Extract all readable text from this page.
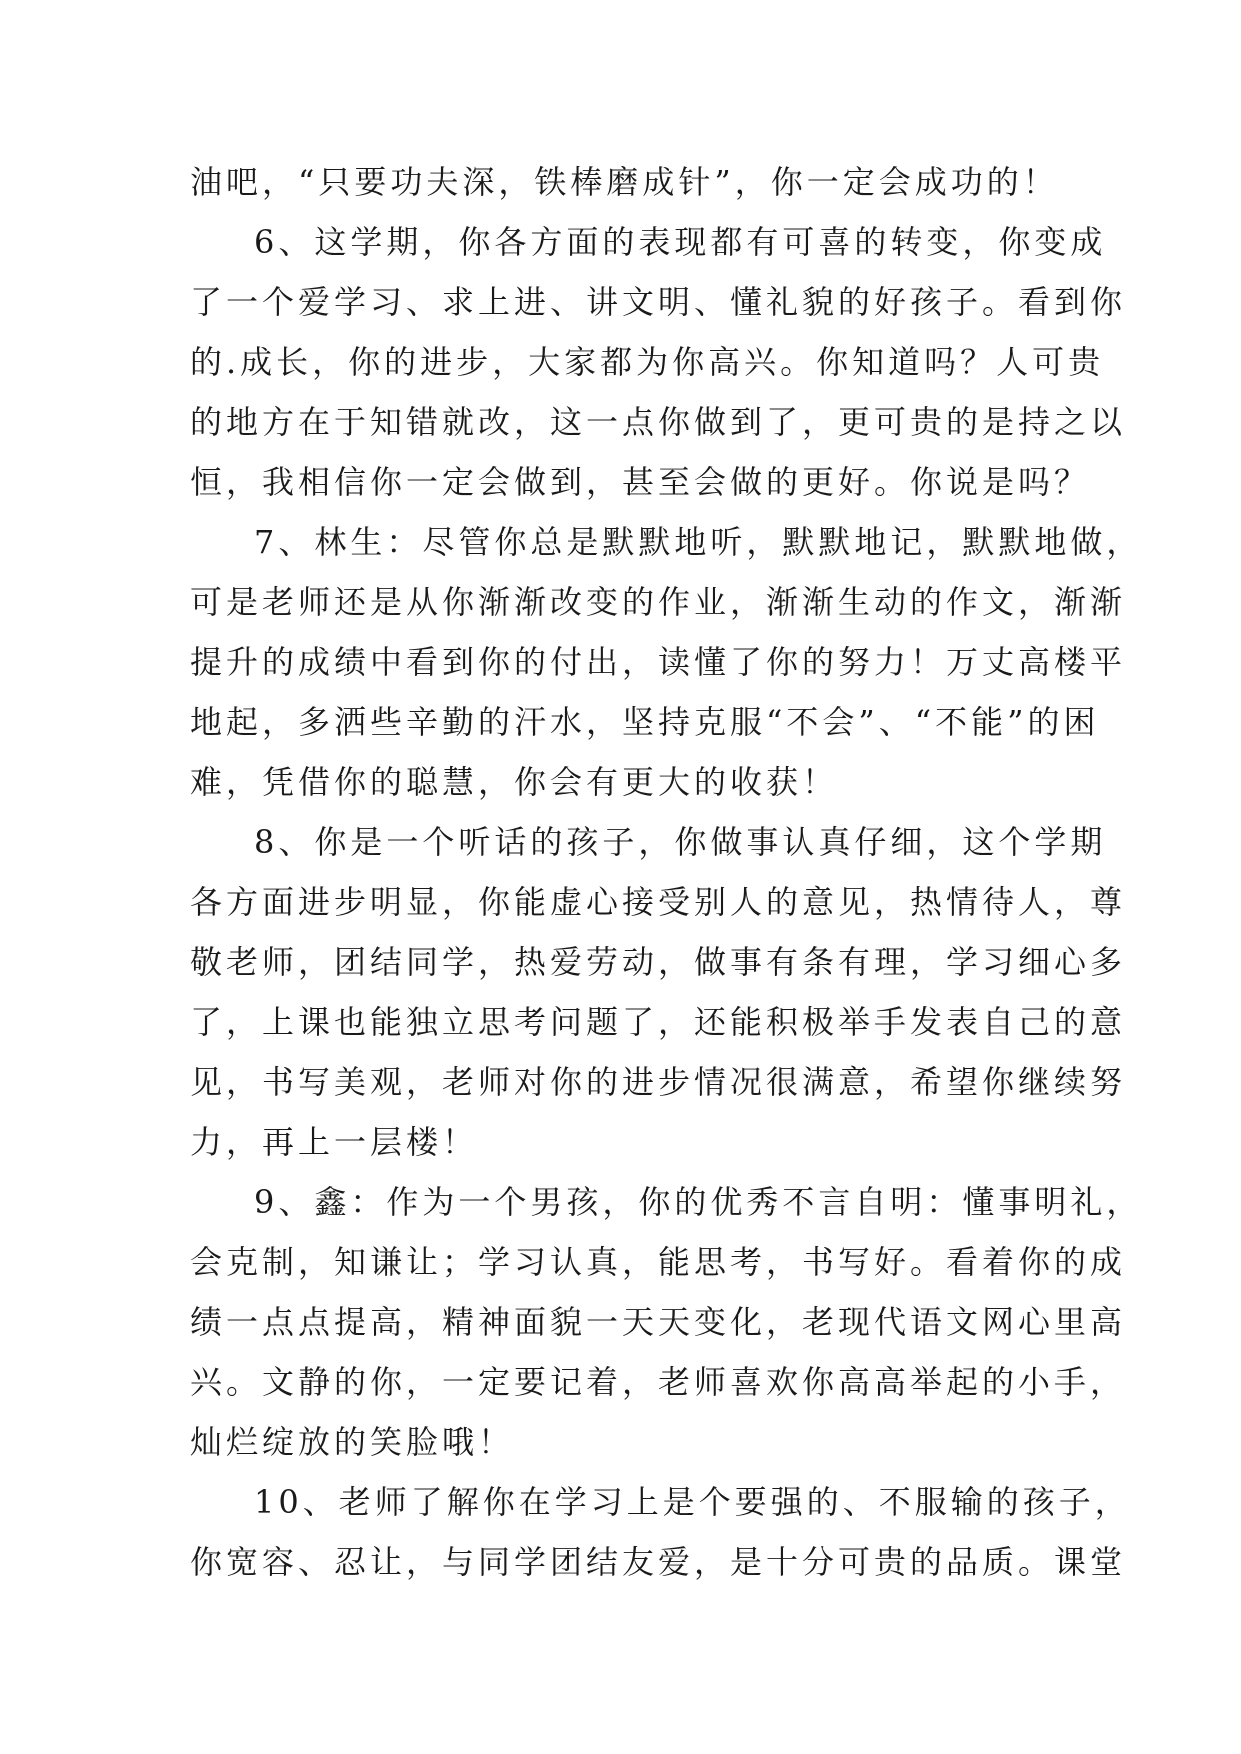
油吧，“只要功夫深，铁棒磨成针”，你一定会成功的！
6、这学期，你各方面的表现都有可喜的转变，你变成
了一个爱学习、求上进、讲文明、懂礼貌的好孩子。看到你
的.成长，你的进步，大家都为你高兴。你知道吗？人可贵
的地方在于知错就改，这一点你做到了，更可贵的是持之以
恒，我相信你一定会做到，甚至会做的更好。你说是吗？
7、林生：尽管你总是默默地听，默默地记，默默地做，
可是老师还是从你渐渐改变的作业，渐渐生动的作文，渐渐
提升的成绩中看到你的付出，读懂了你的努力！万丈高楼平
地起，多洒些辛勤的汗水，坚持克服“不会”、“不能”的困
难，凭借你的聪慧，你会有更大的收获！
8、你是一个听话的孩子，你做事认真仔细，这个学期
各方面进步明显，你能虚心接受别人的意见，热情待人，尊
敬老师，团结同学，热爱劳动，做事有条有理，学习细心多
了，上课也能独立思考问题了，还能积极举手发表自己的意
见，书写美观，老师对你的进步情况很满意，希望你继续努
力，再上一层楼！
9、鑫：作为一个男孩，你的优秀不言自明：懂事明礼，
会克制，知谦让；学习认真，能思考，书写好。看着你的成
绩一点点提高，精神面貌一天天变化，老现代语文网心里高
兴。文静的你，一定要记着，老师喜欢你高高举起的小手，
灿烂绽放的笑脸哦！
10、老师了解你在学习上是个要强的、不服输的孩子，
你宽容、忍让，与同学团结友爱，是十分可贵的品质。课堂
